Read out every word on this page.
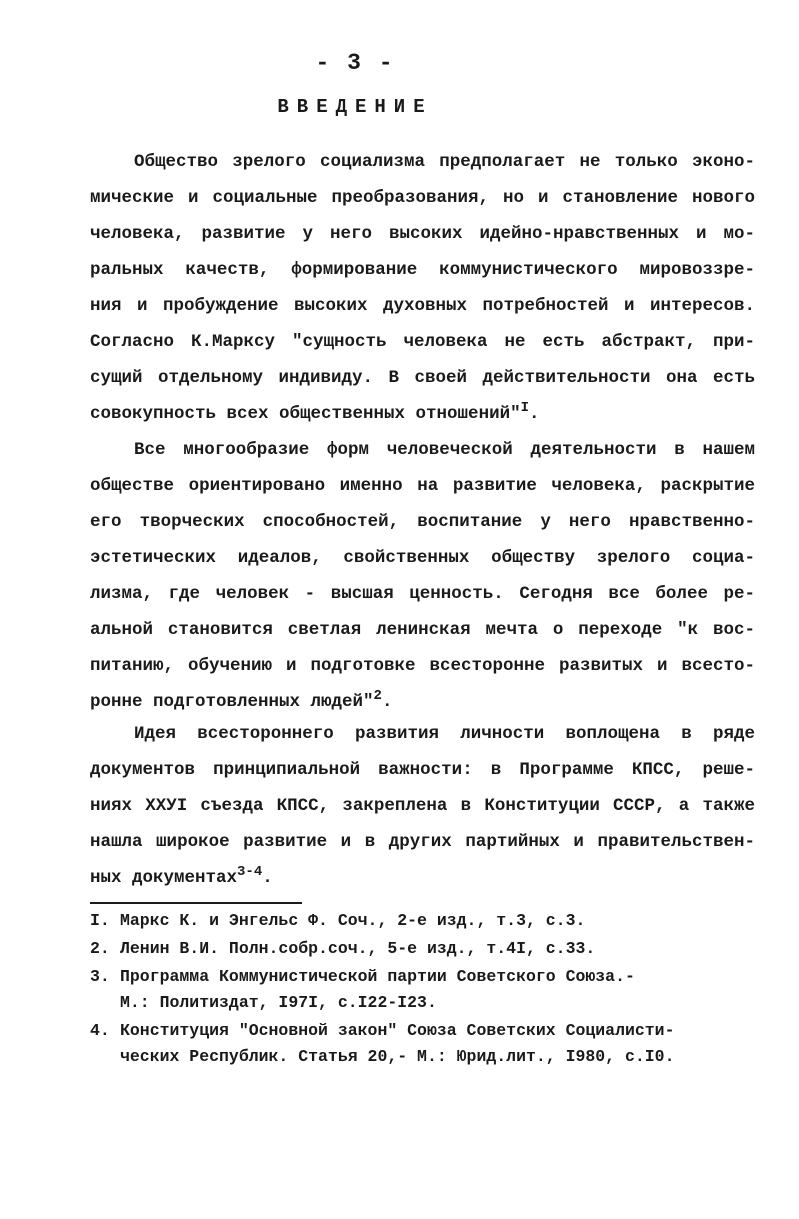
- 3 -
ВВЕДЕНИЕ
Общество зрелого социализма предполагает не только эконо-
мические и социальные преобразования, но и становление нового
человека, развитие у него высоких идейно-нравственных и мо-
ральных качеств, формирование коммунистического мировоззре-
ния и пробуждение высоких духовных потребностей и интересов.
Согласно К.Марксу "сущность человека не есть абстракт, при-
сущий отдельному индивиду. В своей действительности она есть
совокупность всех общественных отношений"$^I$.
Все многообразие форм человеческой деятельности в нашем
обществе ориентировано именно на развитие человека, раскрытие
его творческих способностей, воспитание у него нравственно-
эстетических идеалов, свойственных обществу зрелого социа-
лизма, где человек - высшая ценность. Сегодня все более ре-
альной становится светлая ленинская мечта о переходе "к вос-
питанию, обучению и подготовке всесторонне развитых и всесто-
ронне подготовленных людей"$^2$.
Идея всестороннего развития личности воплощена в ряде
документов принципиальной важности: в Программе КПСС, реше-
ниях XXУI съезда КПСС, закреплена в Конституции СССР, а также
нашла широкое развитие и в других партийных и правительствен-
ных документах$^{3-4}$.
I. Маркс К. и Энгельс Ф. Соч., 2-е изд., т.3, с.3.
2. Ленин В.И. Полн.собр.соч., 5-е изд., т.4I, с.33.
3. Программа Коммунистической партии Советского Союза.-
М.: Политиздат, I97I, с.I22-I23.
4. Конституция "Основной закон" Союза Советских Социалисти-
ческих Республик. Статья 20,- М.: Юрид.лит., I980, с.I0.
